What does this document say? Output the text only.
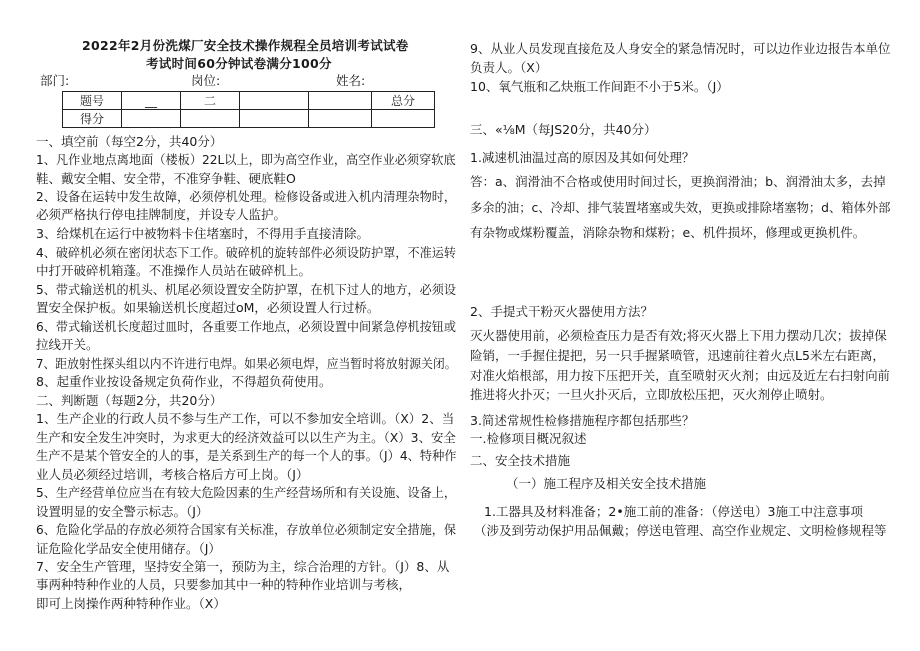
2022年2月份洗煤厂安全技术操作规程全员培训考试试卷
考试时间60分钟试卷满分100分
部门:	岗位:	姓名:
题号	__	二			总分
得分					
一、填空前（每空2分，共40分）
1、凡作业地点离地面（楼板）22L以上，即为高空作业，高空作业必须穿软底
鞋、戴安全帽、安全带，不准穿争鞋、硬底鞋O
2、设备在运转中发生故障，必须停机处理。检修设备或进入机内清理杂物时，
必须严格执行停电挂牌制度，并设专人监护。
3、给煤机在运行中被物料卡住堵塞时，不得用手直接清除。
4、破碎机必须在密闭状态下工作。破碎机的旋转部件必须设防护罩，不准运转
中打开破碎机箱蓬。不准操作人员站在破碎机上。
5、带式输送机的机头、机尾必须设置安全防护罩，在机下过人的地方，必须设
置安全保护板。如果输送机长度超过oM，必须设置人行过桥。
6、带式输送机长度超过皿时，各重要工作地点，必须设置中间紧急停机按钮或
拉线开关。
7、距放射性探头组以内不许进行电焊。如果必须电焊，应当暂时将放射源关闭。
8、起重作业按设备规定负荷作业，不得超负荷使用。
二、判断题（每题2分，共20分）
1、生产企业的行政人员不参与生产工作，可以不参加安全培训。（X）2、当
生产和安全发生冲突时，为求更大的经济效益可以以生产为主。（X）3、安全
生产不是某个管安全的人的事，是关系到生产的每一个人的事。（J）4、特种作
业人员必须经过培训，考核合格后方可上岗。（J）
5、生产经营单位应当在有较大危险因素的生产经营场所和有关设施、设备上，
设置明显的安全警示标志。（J）
6、危险化学品的存放必须符合国家有关标准，存放单位必须制定安全措施，保
证危险化学品安全使用储存。（J）
7、安全生产管理，坚持安全第一，预防为主，综合治理的方针。（J）8、从
事两种特种作业的人员，只要参加其中一种的特种作业培训与考核，
即可上岗操作两种特种作业。（X）
9、从业人员发现直接危及人身安全的紧急情况时，可以边作业边报告本单位
负责人。（X）
10、氧气瓶和乙炔瓶工作间距不小于5米。（J）
三、«⅛M（每JS20分，共40分）
1.减速机油温过高的原因及其如何处理？
答：a、润滑油不合格或使用时间过长，更换润滑油；b、润滑油太多，去掉
多余的油；c、冷却、排气装置堵塞或失效，更换或排除堵塞物；d、箱体外部
有杂物或煤粉覆盖，消除杂物和煤粉；e、机件损坏，修理或更换机件。
2、手提式干粉灭火器使用方法？
灭火器使用前，必须检查压力是否有效;将灭火器上下用力摆动几次；拔掉保
险销，一手握住提把，另一只手握紧喷管，迅速前往着火点L5米左右距离，
对准火焰根部，用力按下压把开关，直至喷射灭火剂；由远及近左右扫射向前
推进将火扑灭；一旦火扑灭后，立即放松压把，灭火剂停止喷射。
3.简述常规性检修措施程序都包括那些？
一.检修项目概况叙述
二、安全技术措施
（一）施工程序及相关安全技术措施
1.工器具及材料准备；2•施工前的准备：（停送电）3施工中注意事项
（涉及到劳动保护用品佩戴；停送电管理、高空作业规定、文明检修规程等
